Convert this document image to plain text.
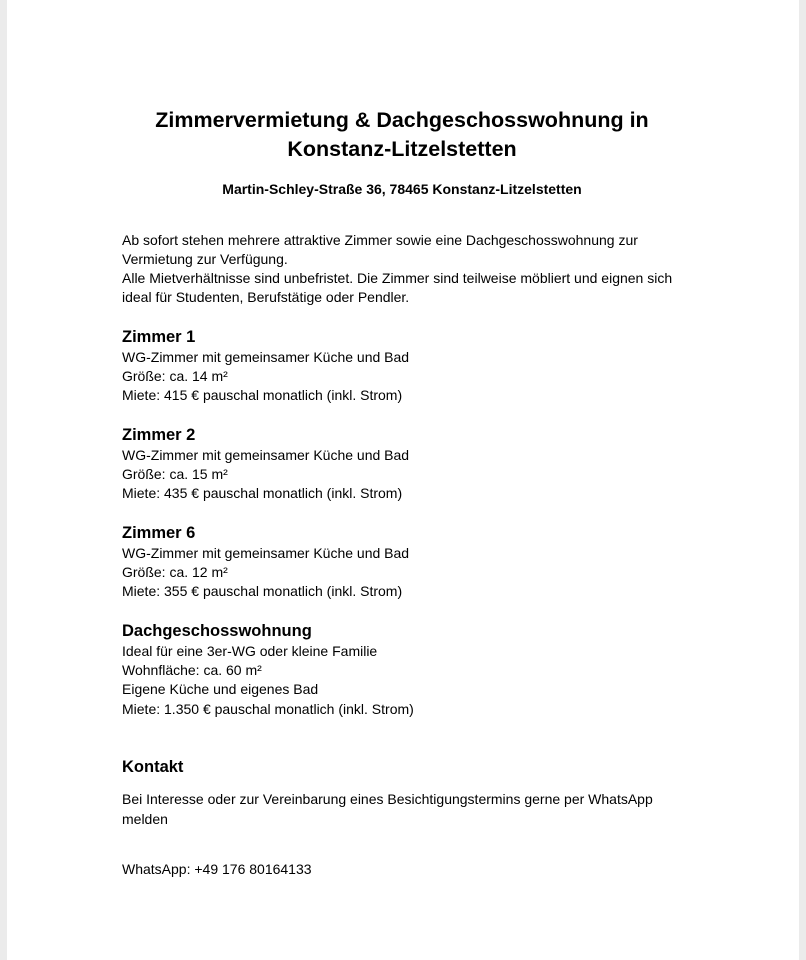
Zimmervermietung & Dachgeschosswohnung in Konstanz-Litzelstetten
Martin-Schley-Straße 36, 78465 Konstanz-Litzelstetten

Ab sofort stehen mehrere attraktive Zimmer sowie eine Dachgeschosswohnung zur Vermietung zur Verfügung.

Alle Mietverhältnisse sind unbefristet. Die Zimmer sind teilweise möbliert und eignen sich ideal für Studenten, Berufstätige oder Pendler.

Zimmer 1
WG-Zimmer mit gemeinsamer Küche und Bad
Größe: ca. 14 m²
Miete: 415 € pauschal monatlich (inkl. Strom)
Zimmer 2
WG-Zimmer mit gemeinsamer Küche und Bad
Größe: ca. 15 m²
Miete: 435 € pauschal monatlich (inkl. Strom)
Zimmer 6
WG-Zimmer mit gemeinsamer Küche und Bad
Größe: ca. 12 m²
Miete: 355 € pauschal monatlich (inkl. Strom)
Dachgeschosswohnung
Ideal für eine 3er-WG oder kleine Familie
Wohnfläche: ca. 60 m²
Eigene Küche und eigenes Bad
Miete: 1.350 € pauschal monatlich (inkl. Strom)
Kontakt
Bei Interesse oder zur Vereinbarung eines Besichtigungstermins gerne per WhatsApp melden
WhatsApp: +49 176 80164133
